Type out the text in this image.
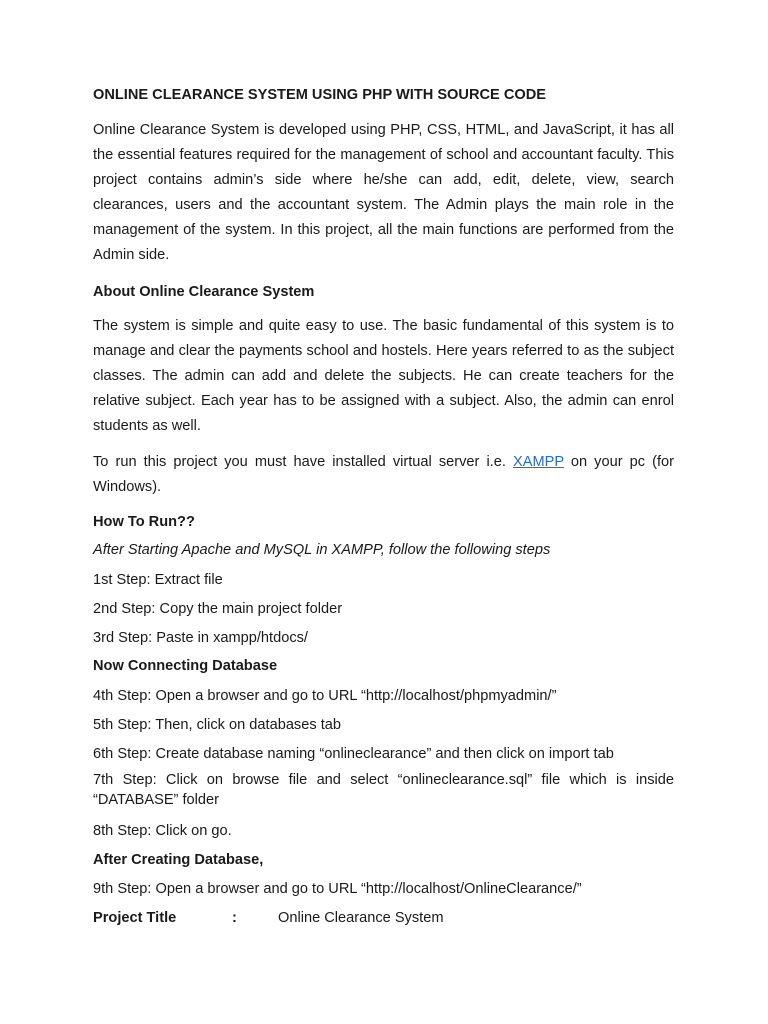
ONLINE CLEARANCE SYSTEM USING PHP WITH SOURCE CODE
Online Clearance System is developed using PHP, CSS, HTML, and JavaScript, it has all the essential features required for the management of school and accountant faculty. This project contains admin’s side where he/she can add, edit, delete, view, search clearances, users and the accountant system. The Admin plays the main role in the management of the system. In this project, all the main functions are performed from the Admin side.
About Online Clearance System
The system is simple and quite easy to use. The basic fundamental of this system is to manage and clear the payments school and hostels. Here years referred to as the subject classes. The admin can add and delete the subjects. He can create teachers for the relative subject. Each year has to be assigned with a subject. Also, the admin can enrol students as well.
To run this project you must have installed virtual server i.e. XAMPP on your pc (for Windows).
How To Run??
After Starting Apache and MySQL in XAMPP, follow the following steps
1st Step: Extract file
2nd Step: Copy the main project folder
3rd Step: Paste in xampp/htdocs/
Now Connecting Database
4th Step: Open a browser and go to URL “http://localhost/phpmyadmin/”
5th Step: Then, click on databases tab
6th Step: Create database naming “onlineclearance” and then click on import tab
7th Step: Click on browse file and select “onlineclearance.sql” file which is inside “DATABASE” folder
8th Step: Click on go.
After Creating Database,
9th Step: Open a browser and go to URL “http://localhost/OnlineClearance/”
Project Title	:	Online Clearance System
